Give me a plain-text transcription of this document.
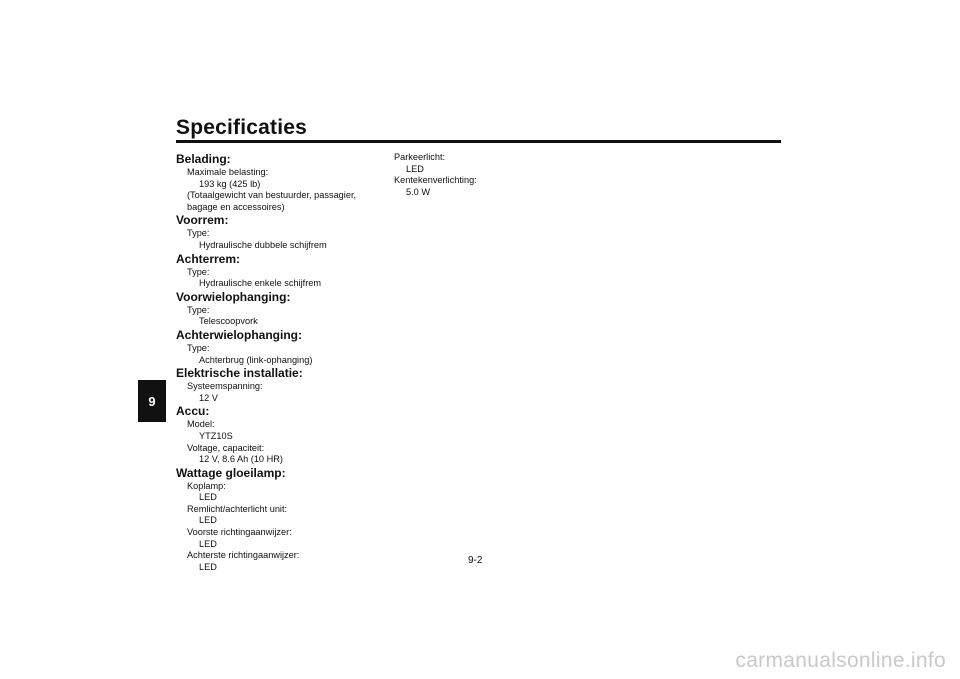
Specificaties
9
Belading:
Maximale belasting:
193 kg (425 lb)
(Totaalgewicht van bestuurder, passagier,
bagage en accessoires)
Voorrem:
Type:
Hydraulische dubbele schijfrem
Achterrem:
Type:
Hydraulische enkele schijfrem
Voorwielophanging:
Type:
Telescoopvork
Achterwielophanging:
Type:
Achterbrug (link-ophanging)
Elektrische installatie:
Systeemspanning:
12 V
Accu:
Model:
YTZ10S
Voltage, capaciteit:
12 V, 8.6 Ah (10 HR)
Wattage gloeilamp:
Koplamp:
LED
Remlicht/achterlicht unit:
LED
Voorste richtingaanwijzer:
LED
Achterste richtingaanwijzer:
LED
Parkeerlicht:
LED
Kentekenverlichting:
5.0 W
9-2
carmanualsonline.info
